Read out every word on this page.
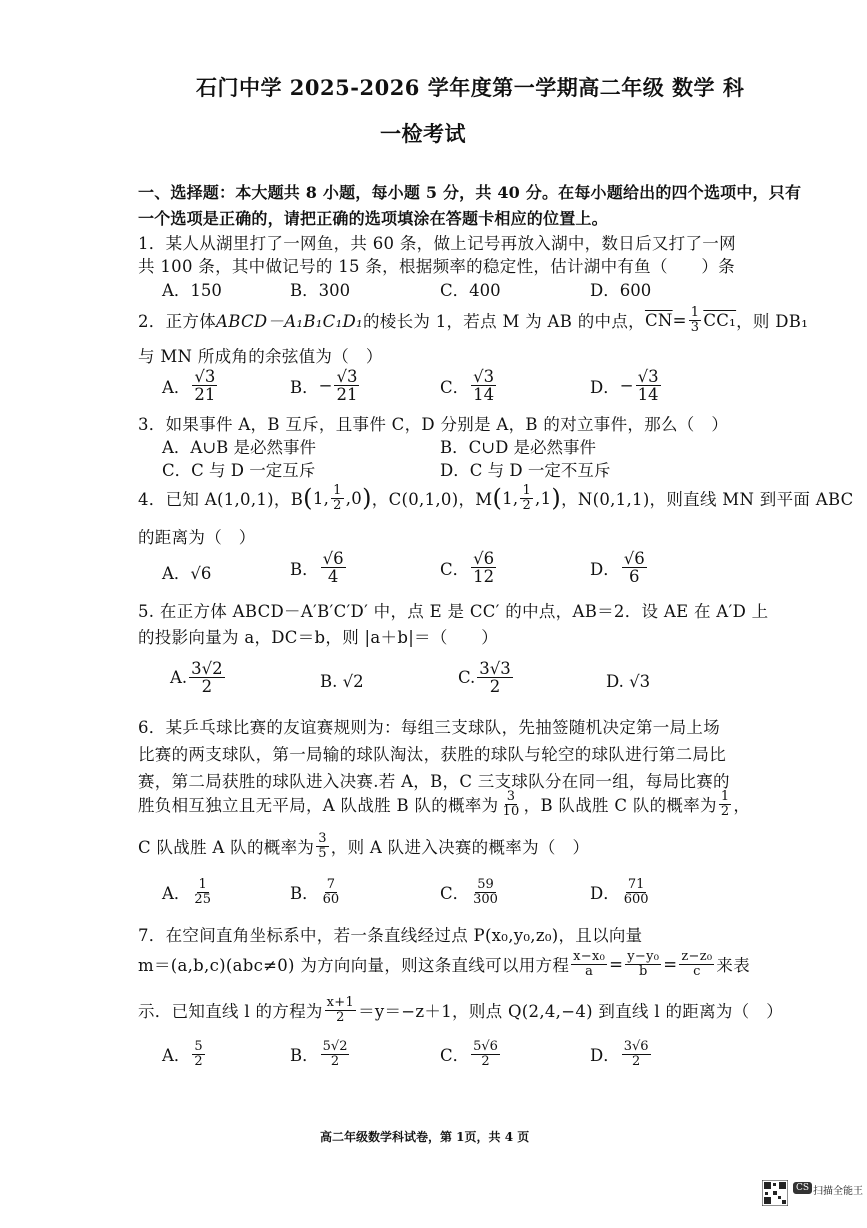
石门中学 2025-2026 学年度第一学期高二年级 数学 科
一检考试
一、选择题：本大题共 8 小题，每小题 5 分，共 40 分。在每小题给出的四个选项中，只有
一个选项是正确的，请把正确的选项填涂在答题卡相应的位置上。
1．某人从湖里打了一网鱼，共 60 条，做上记号再放入湖中，数日后又打了一网
共 100 条，其中做记号的 15 条，根据频率的稳定性，估计湖中有鱼（　　）条
A．150	B．300	C．400	D．600
2．正方体 ABCD－A₁B₁C₁D₁ 的棱长为 1，若点 M 为 AB 的中点， $\overline{CN} = \frac{1}{3} CC_1$ ，则 DB₁
与 MN 所成角的余弦值为（　）
A． $\frac{√3}{21}$	B． − $\frac{√3}{21}$	C． $\frac{√3}{14}$	D． − $\frac{√3}{14}$
3．如果事件 A，B 互斥，且事件 C，D 分别是 A，B 的对立事件，那么（　）
A．A∪B 是必然事件	B．C∪D 是必然事件
C．C 与 D 一定互斥	D．C 与 D 一定不互斥
4．已知 A(1,0,1)，B ( 1, $\frac{1}{2} ,0$ ) ，C(0,1,0)，M ( 1, $\frac{1}{2} ,1$ ) ，N(0,1,1)，则直线 MN 到平面 ABC
的距离为（　）
A．√6	B． $\frac{√6}{4}$	C． $\frac{√6}{12}$	D． $\frac{√6}{6}$
5. 在正方体 ABCD－A′B′C′D′ 中，点 E 是 CC′ 的中点，AB＝2．设 AE 在 A′D 上
的投影向量为 a，DC＝b，则 |a＋b|＝（　　）
A. $\frac{3√2}{2}$	B. √2	C. $\frac{3√3}{2}$	D. √3
6．某乒乓球比赛的友谊赛规则为：每组三支球队，先抽签随机决定第一局上场
比赛的两支球队，第一局输的球队淘汰，获胜的球队与轮空的球队进行第二局比
赛，第二局获胜的球队进入决赛.若 A，B，C 三支球队分在同一组，每局比赛的
胜负相互独立且无平局，A 队战胜 B 队的概率为 $\frac{3}{10}$ ，B 队战胜 C 队的概率为 $\frac{1}{2}$ ，
C 队战胜 A 队的概率为 $\frac{3}{5}$ ，则 A 队进入决赛的概率为（　）
A． $\frac{1}{25}$	B． $\frac{7}{60}$	C． $\frac{59}{300}$	D． $\frac{71}{600}$
7．在空间直角坐标系中，若一条直线经过点 P(x₀,y₀,z₀)，且以向量
m＝(a,b,c)(abc≠0) 为方向向量，则这条直线可以用方程 $\frac{\text{x−x₀}}{a} = \frac{\text{y−y₀}}{b} = \frac{\text{z−z₀}}{c}$ 来表
示．已知直线 l 的方程为 $\frac{x+1}{2} =y=-z+1$，则点 Q(2,4,−4) 到直线 l 的距离为（　）
A． $\frac{5}{2}$	B． $\frac{5√2}{2}$	C． $\frac{5√6}{2}$	D． $\frac{3√6}{2}$
高二年级数学科试卷，第 1页，共 4 页
CS 扫描全能王
